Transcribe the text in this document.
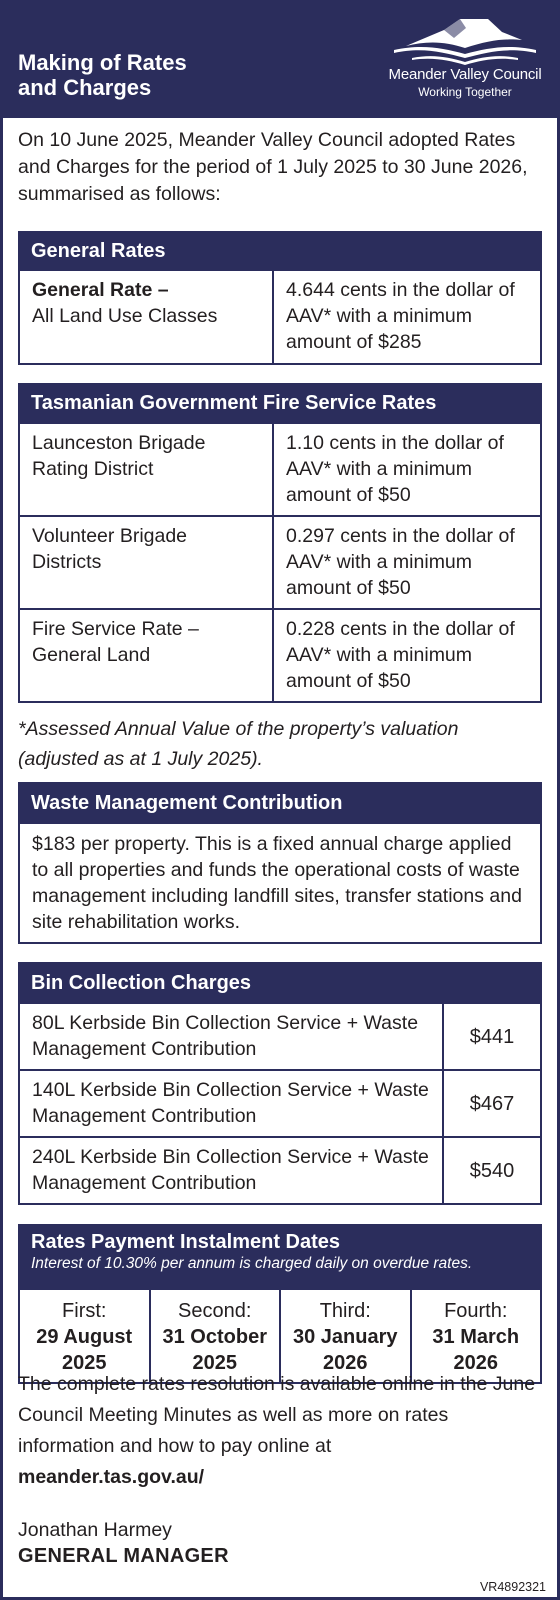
Making of Rates
and Charges
Meander Valley Council
Working Together
On 10 June 2025, Meander Valley Council adopted Rates and Charges for the period of 1 July 2025 to 30 June 2026, summarised as follows:
General Rates
General Rate –
All Land Use Classes
4.644 cents in the dollar of AAV* with a minimum amount of $285
Tasmanian Government Fire Service Rates
Launceston Brigade Rating District
1.10 cents in the dollar of AAV* with a minimum amount of $50
Volunteer Brigade Districts
0.297 cents in the dollar of AAV* with a minimum amount of $50
Fire Service Rate – General Land
0.228 cents in the dollar of AAV* with a minimum amount of $50
*Assessed Annual Value of the property’s valuation (adjusted as at 1 July 2025).
Waste Management Contribution
$183 per property. This is a fixed annual charge applied to all properties and funds the operational costs of waste management including landfill sites, transfer stations and site rehabilitation works.
Bin Collection Charges
80L Kerbside Bin Collection Service + Waste Management Contribution
$441
140L Kerbside Bin Collection Service + Waste Management Contribution
$467
240L Kerbside Bin Collection Service + Waste Management Contribution
$540
Rates Payment Instalment Dates
Interest of 10.30% per annum is charged daily on overdue rates.
First:
29 August 2025
Second:
31 October 2025
Third:
30 January 2026
Fourth:
31 March 2026
The complete rates resolution is available online in the June Council Meeting Minutes as well as more on rates information and how to pay online at
meander.tas.gov.au/
Jonathan Harmey
GENERAL MANAGER
VR4892321
